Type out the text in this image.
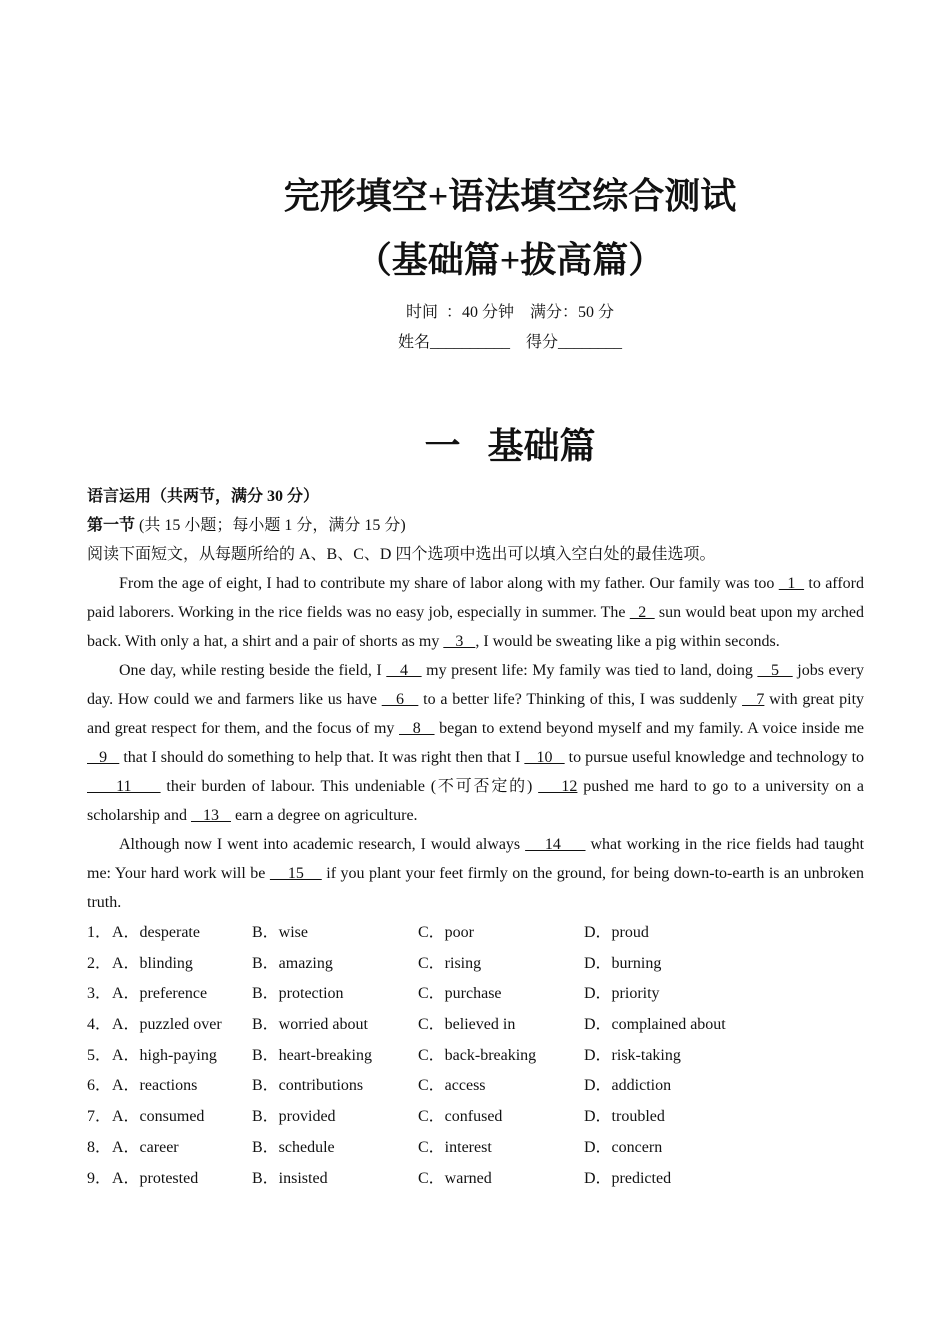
完形填空+语法填空综合测试
（基础篇+拔高篇）
时间  ：40 分钟 满分：50 分
姓名__________ 得分________
一 基础篇
语言运用（共两节，满分 30 分）
第一节 (共 15 小题；每小题 1 分，满分 15 分)
阅读下面短文，从每题所给的 A、B、C、D 四个选项中选出可以填入空白处的最佳选项。

From the age of eight, I had to contribute my share of labor along with my father. Our family was too   1   to afford paid laborers. Working in the rice fields was no easy job, especially in summer. The   2   sun would beat upon my arched back. With only a hat, a shirt and a pair of shorts as my    3   , I would be sweating like a pig within seconds.

One day, while resting beside the field, I    4    my present life: My family was tied to land, doing    5    jobs every day. How could we and farmers like us have    6    to a better life? Thinking of this, I was suddenly    7 with great pity and great respect for them, and the focus of my    8    began to extend beyond myself and my family. A voice inside me    9    that I should do something to help that. It was right then that I    10    to pursue useful knowledge and technology to      11      their burden of labour. This undeniable (不可否定的)     12 pushed me hard to go to a university on a scholarship and    13    earn a degree on agriculture.

Although now I went into academic research, I would always     14      what working in the rice fields had taught me: Your hard work will be     15     if you plant your feet firmly on the ground, for being down-to-earth is an unbroken truth.

1． A．desperate	B．wise	C．poor	D．proud
2． A．blinding	B．amazing	C．rising	D．burning
3． A．preference	B．protection	C．purchase	D．priority
4． A．puzzled over	B．worried about	C．believed in	D．complained about
5． A．high-paying	B．heart-breaking	C．back-breaking	D．risk-taking
6． A．reactions	B．contributions	C．access	D．addiction
7． A．consumed	B．provided	C．confused	D．troubled
8． A．career	B．schedule	C．interest	D．concern
9． A．protested	B．insisted	C．warned	D．predicted
